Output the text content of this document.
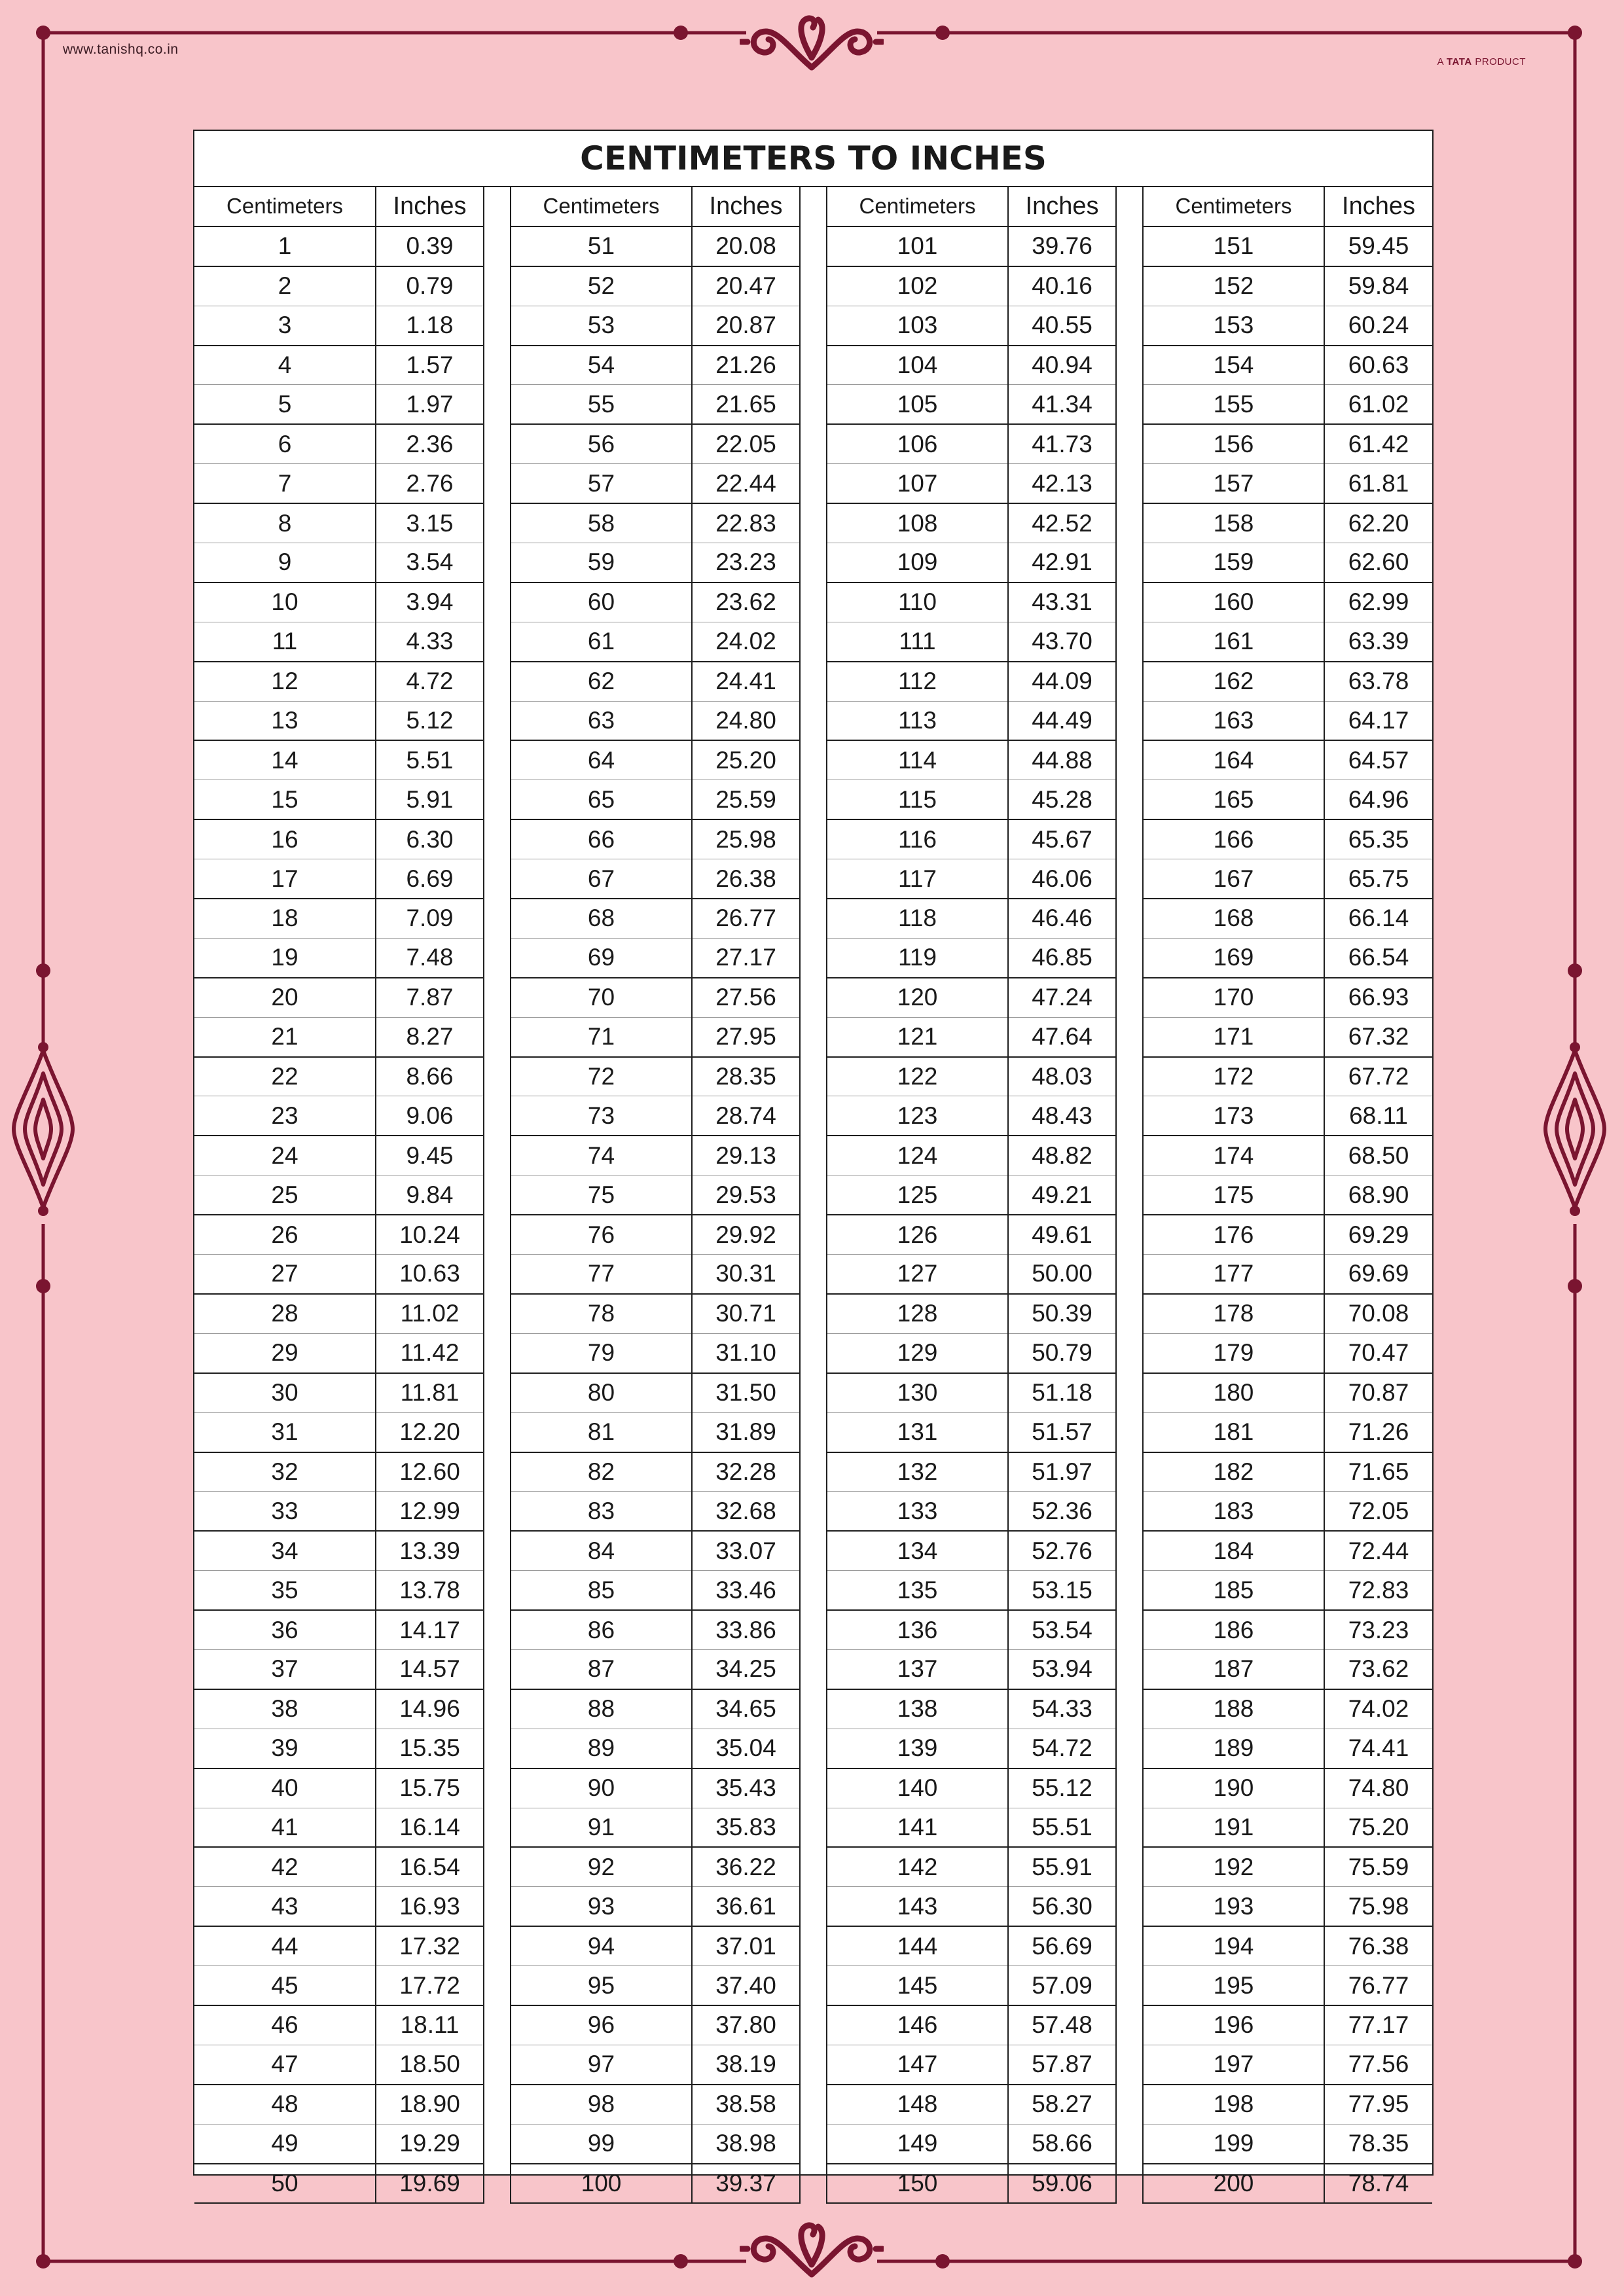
www.tanishq.co.in
A TATA PRODUCT
CENTIMETERS TO INCHES
Centimeters	Inches
1	0.39
2	0.79
3	1.18
4	1.57
5	1.97
6	2.36
7	2.76
8	3.15
9	3.54
10	3.94
11	4.33
12	4.72
13	5.12
14	5.51
15	5.91
16	6.30
17	6.69
18	7.09
19	7.48
20	7.87
21	8.27
22	8.66
23	9.06
24	9.45
25	9.84
26	10.24
27	10.63
28	11.02
29	11.42
30	11.81
31	12.20
32	12.60
33	12.99
34	13.39
35	13.78
36	14.17
37	14.57
38	14.96
39	15.35
40	15.75
41	16.14
42	16.54
43	16.93
44	17.32
45	17.72
46	18.11
47	18.50
48	18.90
49	19.29
50	19.69
Centimeters	Inches
51	20.08
52	20.47
53	20.87
54	21.26
55	21.65
56	22.05
57	22.44
58	22.83
59	23.23
60	23.62
61	24.02
62	24.41
63	24.80
64	25.20
65	25.59
66	25.98
67	26.38
68	26.77
69	27.17
70	27.56
71	27.95
72	28.35
73	28.74
74	29.13
75	29.53
76	29.92
77	30.31
78	30.71
79	31.10
80	31.50
81	31.89
82	32.28
83	32.68
84	33.07
85	33.46
86	33.86
87	34.25
88	34.65
89	35.04
90	35.43
91	35.83
92	36.22
93	36.61
94	37.01
95	37.40
96	37.80
97	38.19
98	38.58
99	38.98
100	39.37
Centimeters	Inches
101	39.76
102	40.16
103	40.55
104	40.94
105	41.34
106	41.73
107	42.13
108	42.52
109	42.91
110	43.31
111	43.70
112	44.09
113	44.49
114	44.88
115	45.28
116	45.67
117	46.06
118	46.46
119	46.85
120	47.24
121	47.64
122	48.03
123	48.43
124	48.82
125	49.21
126	49.61
127	50.00
128	50.39
129	50.79
130	51.18
131	51.57
132	51.97
133	52.36
134	52.76
135	53.15
136	53.54
137	53.94
138	54.33
139	54.72
140	55.12
141	55.51
142	55.91
143	56.30
144	56.69
145	57.09
146	57.48
147	57.87
148	58.27
149	58.66
150	59.06
Centimeters	Inches
151	59.45
152	59.84
153	60.24
154	60.63
155	61.02
156	61.42
157	61.81
158	62.20
159	62.60
160	62.99
161	63.39
162	63.78
163	64.17
164	64.57
165	64.96
166	65.35
167	65.75
168	66.14
169	66.54
170	66.93
171	67.32
172	67.72
173	68.11
174	68.50
175	68.90
176	69.29
177	69.69
178	70.08
179	70.47
180	70.87
181	71.26
182	71.65
183	72.05
184	72.44
185	72.83
186	73.23
187	73.62
188	74.02
189	74.41
190	74.80
191	75.20
192	75.59
193	75.98
194	76.38
195	76.77
196	77.17
197	77.56
198	77.95
199	78.35
200	78.74
